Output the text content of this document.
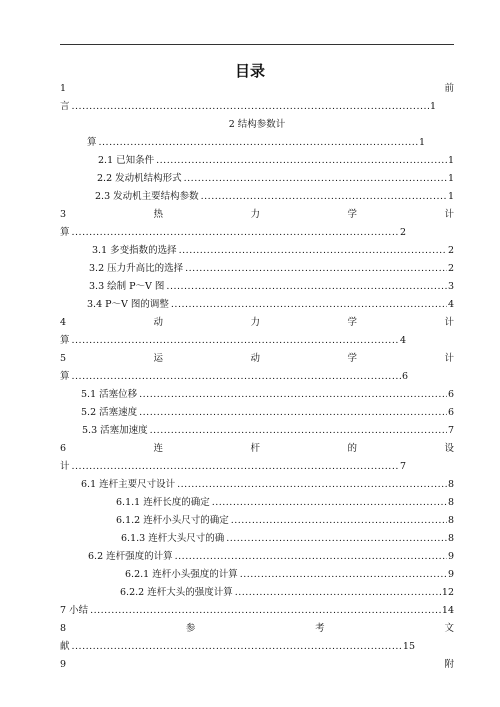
目录
1	前
言 .....	1
2 结构参数计
算 .....	1
2.1 已知条件 .....	1
2.2 发动机结构形式 .....	1
2.3 发动机主要结构参数 .....	1
3	热	力	学	计
算 .....	2
3.1 多变指数的选择 .....	2
3.2 压力升高比的选择 .....	2
3.3 绘制 P～V 图 .....	3
3.4 P～V 图的调整 .....	4
4	动	力	学	计
算 .....	4
5	运	动	学	计
算 .....	6
5.1 活塞位移 .....	6
5.2 活塞速度 .....	6
5.3 活塞加速度 .....	7
6	连	杆	的	设
计 .....	7
6.1 连杆主要尺寸设计 .....	8
6.1.1 连杆长度的确定 .....	8
6.1.2 连杆小头尺寸的确定 .....	8
6.1.3 连杆大头尺寸的确 .....	8
6.2 连杆强度的计算 .....	9
6.2.1 连杆小头强度的计算 .....	9
6.2.2 连杆大头的强度计算 .....	12
7 小结 .....	14
8	参	考	文
献 .....	15
9	附
